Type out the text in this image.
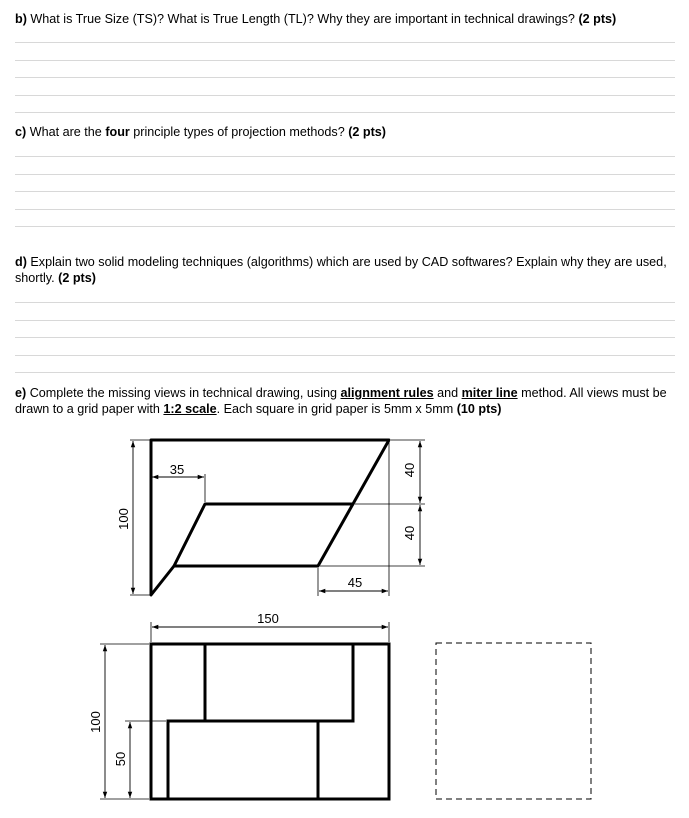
b) What is True Size (TS)? What is True Length (TL)? Why they are important in technical drawings? (2 pts)
c) What are the four principle types of projection methods? (2 pts)
d) Explain two solid modeling techniques (algorithms) which are used by CAD softwares? Explain why they are used, shortly. (2 pts)
e) Complete the missing views in technical drawing, using alignment rules and miter line method. All views must be drawn to a grid paper with 1:2 scale. Each square in grid paper is 5mm x 5mm (10 pts)
35
100
40
40
45
150
100
50
